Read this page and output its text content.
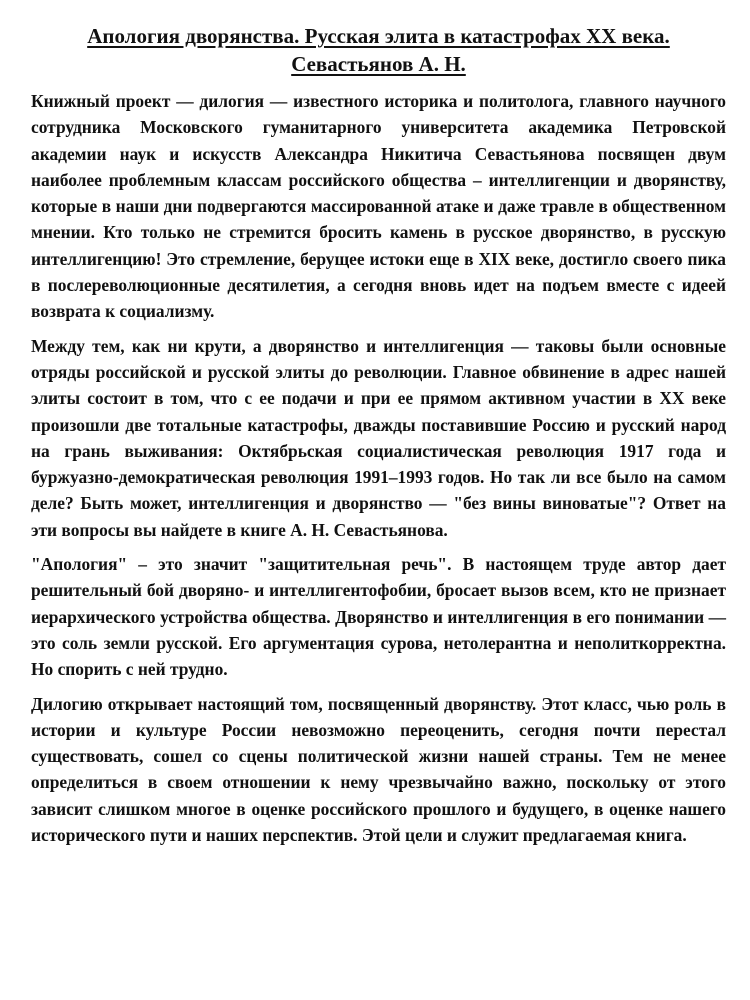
Апология дворянства. Русская элита в катастрофах XX века.
Севастьянов А. Н.

Книжный проект — дилогия — известного историка и политолога, главного научного сотрудника Московского гуманитарного университета академика Петровской академии наук и искусств Александра Никитича Севастьянова посвящен двум наиболее проблемным классам российского общества – интеллигенции и дворянству, которые в наши дни подвергаются массированной атаке и даже травле в общественном мнении. Кто только не стремится бросить камень в русское дворянство, в русскую интеллигенцию! Это стремление, берущее истоки еще в XIX веке, достигло своего пика в послереволюционные десятилетия, а сегодня вновь идет на подъем вместе с идеей возврата к социализму.

Между тем, как ни крути, а дворянство и интеллигенция — таковы были основные отряды российской и русской элиты до революции. Главное обвинение в адрес нашей элиты состоит в том, что с ее подачи и при ее прямом активном участии в XX веке произошли две тотальные катастрофы, дважды поставившие Россию и русский народ на грань выживания: Октябрьская социалистическая революция 1917 года и буржуазно-демократическая революция 1991–1993 годов. Но так ли все было на самом деле? Быть может, интеллигенция и дворянство — "без вины виноватые"? Ответ на эти вопросы вы найдете в книге А. Н. Севастьянова.

"Апология" – это значит "защитительная речь". В настоящем труде автор дает решительный бой дворяно- и интеллигентофобии, бросает вызов всем, кто не признает иерархического устройства общества. Дворянство и интеллигенция в его понимании — это соль земли русской. Его аргументация сурова, нетолерантна и неполиткорректна. Но спорить с ней трудно.

Дилогию открывает настоящий том, посвященный дворянству. Этот класс, чью роль в истории и культуре России невозможно переоценить, сегодня почти перестал существовать, сошел со сцены политической жизни нашей страны. Тем не менее определиться в своем отношении к нему чрезвычайно важно, поскольку от этого зависит слишком многое в оценке российского прошлого и будущего, в оценке нашего исторического пути и наших перспектив. Этой цели и служит предлагаемая книга.
